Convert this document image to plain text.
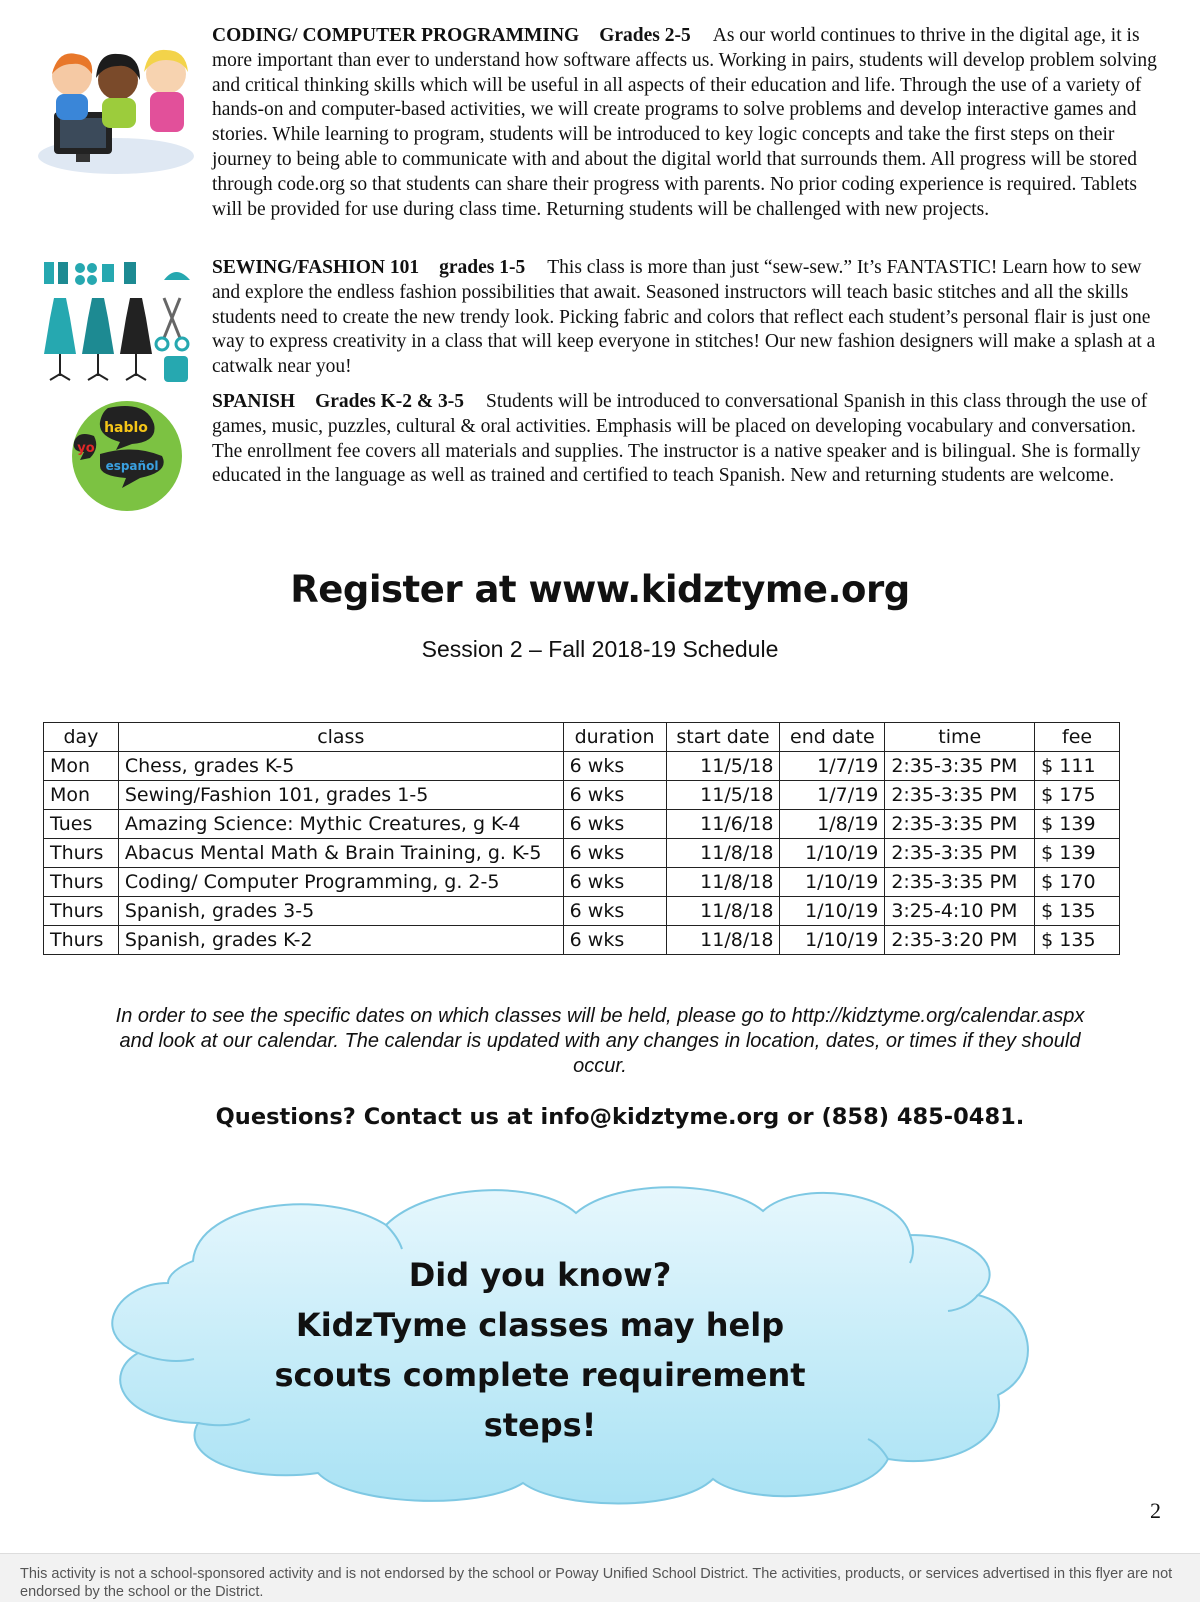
CODING/ COMPUTER PROGRAMMING Grades 2-5 As our world continues to thrive in the digital age, it is more important than ever to understand how software affects us. Working in pairs, students will develop problem solving and critical thinking skills which will be useful in all aspects of their education and life. Through the use of a variety of hands-on and computer-based activities, we will create programs to solve problems and develop interactive games and stories. While learning to program, students will be introduced to key logic concepts and take the first steps on their journey to being able to communicate with and about the digital world that surrounds them. All progress will be stored through code.org so that students can share their progress with parents. No prior coding experience is required. Tablets will be provided for use during class time. Returning students will be challenged with new projects.
SEWING/FASHION 101 grades 1-5 This class is more than just “sew-sew.” It’s FANTASTIC! Learn how to sew and explore the endless fashion possibilities that await. Seasoned instructors will teach basic stitches and all the skills students need to create the new trendy look. Picking fabric and colors that reflect each student’s personal flair is just one way to express creativity in a class that will keep everyone in stitches! Our new fashion designers will make a splash at a catwalk near you!
hablo
yo
español
SPANISH Grades K-2 & 3-5 Students will be introduced to conversational Spanish in this class through the use of games, music, puzzles, cultural & oral activities. Emphasis will be placed on developing vocabulary and conversation. The enrollment fee covers all materials and supplies. The instructor is a native speaker and is bilingual. She is formally educated in the language as well as trained and certified to teach Spanish. New and returning students are welcome.
Register at www.kidztyme.org
Session 2 – Fall 2018-19 Schedule
day	class	duration	start date	end date	time	fee
Mon	Chess, grades K-5	6 wks	11/5/18	1/7/19	2:35-3:35 PM	$ 111
Mon	Sewing/Fashion 101, grades 1-5	6 wks	11/5/18	1/7/19	2:35-3:35 PM	$ 175
Tues	Amazing Science: Mythic Creatures, g K-4	6 wks	11/6/18	1/8/19	2:35-3:35 PM	$ 139
Thurs	Abacus Mental Math & Brain Training, g. K-5	6 wks	11/8/18	1/10/19	2:35-3:35 PM	$ 139
Thurs	Coding/ Computer Programming, g. 2-5	6 wks	11/8/18	1/10/19	2:35-3:35 PM	$ 170
Thurs	Spanish, grades 3-5	6 wks	11/8/18	1/10/19	3:25-4:10 PM	$ 135
Thurs	Spanish, grades K-2	6 wks	11/8/18	1/10/19	2:35-3:20 PM	$ 135
In order to see the specific dates on which classes will be held, please go to http://kidztyme.org/calendar.aspx and look at our calendar. The calendar is updated with any changes in location, dates, or times if they should occur.
Questions? Contact us at info@kidztyme.org or (858) 485-0481.
Did you know?
KidzTyme classes may help
scouts complete requirement
steps!
2
This activity is not a school-sponsored activity and is not endorsed by the school or Poway Unified School District. The activities, products, or services advertised in this flyer are not endorsed by the school or the District.
